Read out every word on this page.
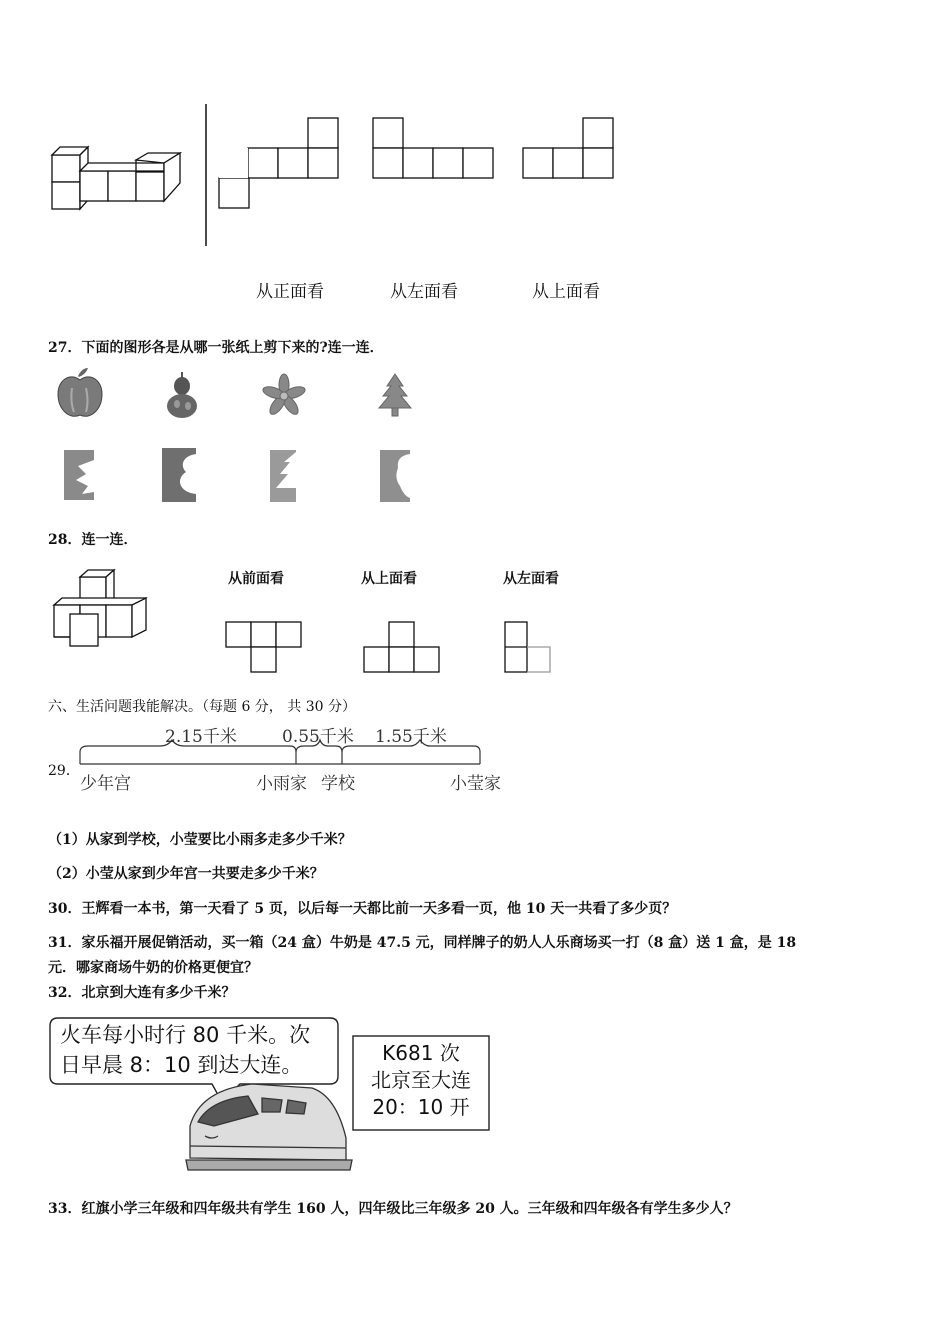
从正面看	从左面看	从上面看
27．下面的图形各是从哪一张纸上剪下来的?连一连．
28．连一连．
从前面看	从上面看	从左面看
六、生活问题我能解决。（每题 6 分， 共 30 分）
29．
2.15千米	0.55千米 1.55千米
少年宫	小雨家 学校	小莹家
（1）从家到学校，小莹要比小雨多走多少千米？
（2）小莹从家到少年宫一共要走多少千米？
30．王辉看一本书，第一天看了 5 页，以后每一天都比前一天多看一页，他 10 天一共看了多少页？
31．家乐福开展促销活动，买一箱（24 盒）牛奶是 47.5 元，同样牌子的奶人人乐商场买一打（8 盒）送 1 盒，是 18
元．哪家商场牛奶的价格更便宜？
32．北京到大连有多少千米？
火车每小时行 80 千米。次
日早晨 8：10 到达大连。	K681 次
北京至大连
20：10 开
33．红旗小学三年级和四年级共有学生 160 人，四年级比三年级多 20 人。三年级和四年级各有学生多少人？
